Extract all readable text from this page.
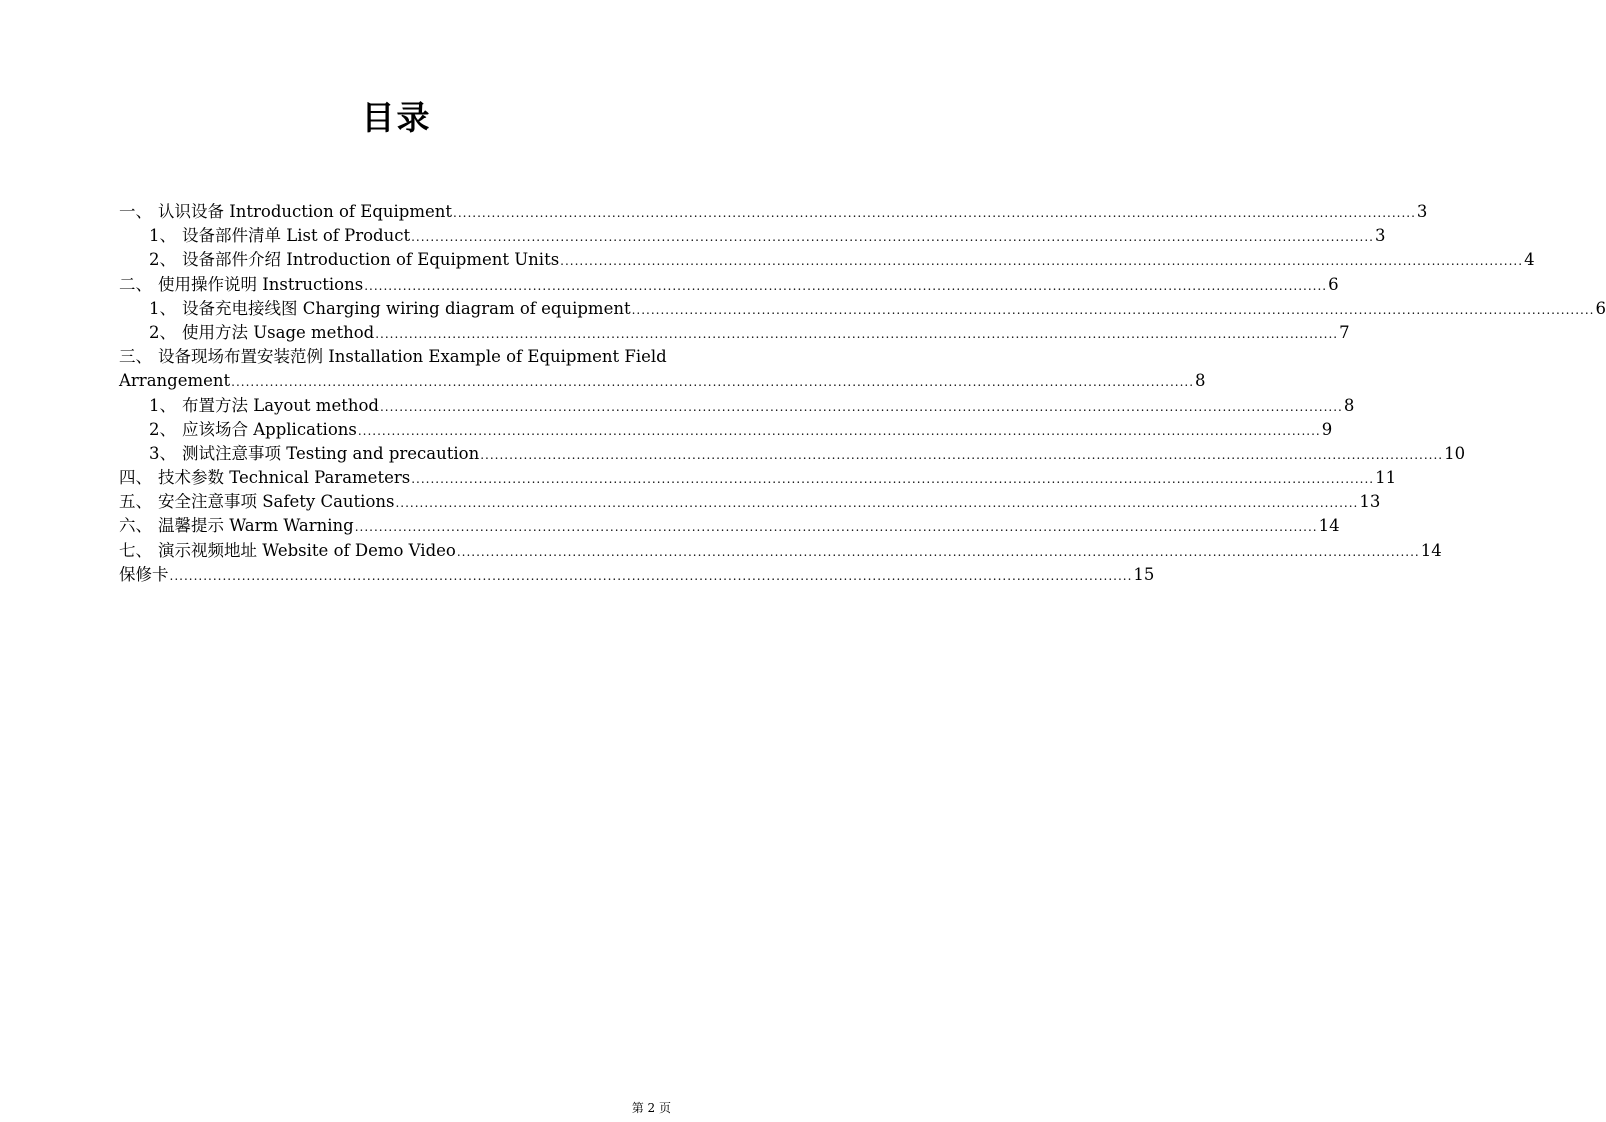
目录
一、 认识设备 Introduction of Equipment .....	3
1、 设备部件清单 List of Product .....	3
2、 设备部件介绍 Introduction of Equipment Units .....	4
二、 使用操作说明 Instructions .....	6
1、 设备充电接线图 Charging wiring diagram of equipment .....	6
2、 使用方法 Usage method .....	7
三、 设备现场布置安装范例 Installation Example of Equipment Field
Arrangement .....	8
1、 布置方法 Layout method .....	8
2、 应该场合 Applications .....	9
3、 测试注意事项 Testing and precaution .....	10
四、 技术参数 Technical Parameters .....	11
五、 安全注意事项 Safety Cautions .....	13
六、 温馨提示 Warm Warning .....	14
七、 演示视频地址 Website of Demo Video .....	14
保修卡 .....	15
第 2 页
